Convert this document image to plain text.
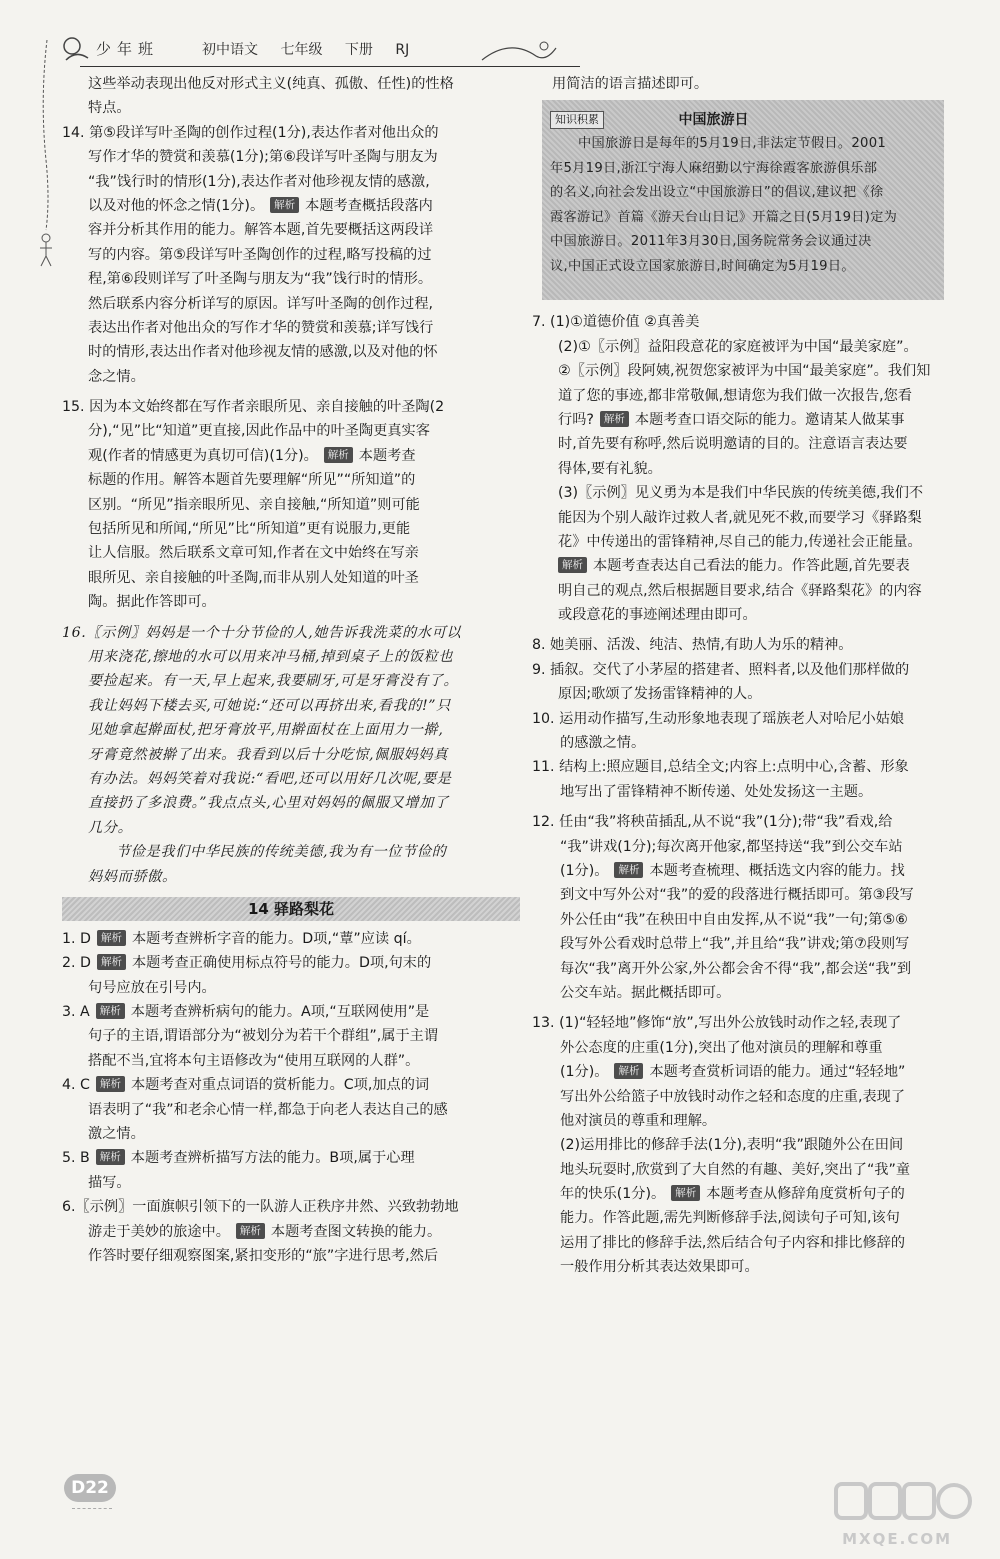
少年班	初中语文 七年级 下册 RJ
这些举动表现出他反对形式主义(纯真、孤傲、任性)的性格
特点。
14. 第⑤段详写叶圣陶的创作过程(1分),表达作者对他出众的
写作才华的赞赏和羡慕(1分);第⑥段详写叶圣陶与朋友为
“我”饯行时的情形(1分),表达作者对他珍视友情的感激,
以及对他的怀念之情(1分)。 解析 本题考查概括段落内
容并分析其作用的能力。解答本题,首先要概括这两段详
写的内容。第⑤段详写叶圣陶创作的过程,略写投稿的过
程,第⑥段则详写了叶圣陶与朋友为“我”饯行时的情形。
然后联系内容分析详写的原因。详写叶圣陶的创作过程,
表达出作者对他出众的写作才华的赞赏和羡慕;详写饯行
时的情形,表达出作者对他珍视友情的感激,以及对他的怀
念之情。
15. 因为本文始终都在写作者亲眼所见、亲自接触的叶圣陶(2
分),“见”比“知道”更直接,因此作品中的叶圣陶更真实客
观(作者的情感更为真切可信)(1分)。 解析 本题考查
标题的作用。解答本题首先要理解“所见”“所知道”的
区别。“所见”指亲眼所见、亲自接触,“所知道”则可能
包括所见和所闻,“所见”比“所知道”更有说服力,更能
让人信服。然后联系文章可知,作者在文中始终在写亲
眼所见、亲自接触的叶圣陶,而非从别人处知道的叶圣
陶。据此作答即可。
16.〖示例〗妈妈是一个十分节俭的人,她告诉我洗菜的水可以
用来浇花,擦地的水可以用来冲马桶,掉到桌子上的饭粒也
要捡起来。有一天,早上起来,我要刷牙,可是牙膏没有了。
我让妈妈下楼去买,可她说:“还可以再挤出来,看我的!”只
见她拿起擀面杖,把牙膏放平,用擀面杖在上面用力一擀,
牙膏竟然被擀了出来。我看到以后十分吃惊,佩服妈妈真
有办法。妈妈笑着对我说:“看吧,还可以用好几次呢,要是
直接扔了多浪费。”我点点头,心里对妈妈的佩服又增加了
几分。
节俭是我们中华民族的传统美德,我为有一位节俭的
妈妈而骄傲。
14 驿路梨花
1. D 解析 本题考查辨析字音的能力。D项,“蕈”应读 qí。
2. D 解析 本题考查正确使用标点符号的能力。D项,句末的
句号应放在引号内。
3. A 解析 本题考查辨析病句的能力。A项,“互联网使用”是
句子的主语,谓语部分为“被划分为若干个群组”,属于主谓
搭配不当,宜将本句主语修改为“使用互联网的人群”。
4. C 解析 本题考查对重点词语的赏析能力。C项,加点的词
语表明了“我”和老余心情一样,都急于向老人表达自己的感
激之情。
5. B 解析 本题考查辨析描写方法的能力。B项,属于心理
描写。
6.〖示例〗一面旗帜引领下的一队游人正秩序井然、兴致勃勃地
游走于美妙的旅途中。 解析 本题考查图文转换的能力。
作答时要仔细观察图案,紧扣变形的“旅”字进行思考,然后
用简洁的语言描述即可。
知识积累	中国旅游日
中国旅游日是每年的5月19日,非法定节假日。2001
年5月19日,浙江宁海人麻绍勤以宁海徐霞客旅游俱乐部
的名义,向社会发出设立“中国旅游日”的倡议,建议把《徐
霞客游记》首篇《游天台山日记》开篇之日(5月19日)定为
中国旅游日。2011年3月30日,国务院常务会议通过决
议,中国正式设立国家旅游日,时间确定为5月19日。
7. (1)①道德价值 ②真善美
(2)①〖示例〗益阳段意花的家庭被评为中国“最美家庭”。
②〖示例〗段阿姨,祝贺您家被评为中国“最美家庭”。我们知
道了您的事迹,都非常敬佩,想请您为我们做一次报告,您看
行吗? 解析 本题考查口语交际的能力。邀请某人做某事
时,首先要有称呼,然后说明邀请的目的。注意语言表达要
得体,要有礼貌。
(3)〖示例〗见义勇为本是我们中华民族的传统美德,我们不
能因为个别人敲诈过救人者,就见死不救,而要学习《驿路梨
花》中传递出的雷锋精神,尽自己的能力,传递社会正能量。
解析 本题考查表达自己看法的能力。作答此题,首先要表
明自己的观点,然后根据题目要求,结合《驿路梨花》的内容
或段意花的事迹阐述理由即可。
8. 她美丽、活泼、纯洁、热情,有助人为乐的精神。
9. 插叙。交代了小茅屋的搭建者、照料者,以及他们那样做的
原因;歌颂了发扬雷锋精神的人。
10. 运用动作描写,生动形象地表现了瑶族老人对哈尼小姑娘
的感激之情。
11. 结构上:照应题目,总结全文;内容上:点明中心,含蓄、形象
地写出了雷锋精神不断传递、处处发扬这一主题。
12. 任由“我”将秧苗插乱,从不说“我”(1分);带“我”看戏,给
“我”讲戏(1分);每次离开他家,都坚持送“我”到公交车站
(1分)。 解析 本题考查梳理、概括选文内容的能力。找
到文中写外公对“我”的爱的段落进行概括即可。第③段写
外公任由“我”在秧田中自由发挥,从不说“我”一句;第⑤⑥
段写外公看戏时总带上“我”,并且给“我”讲戏;第⑦段则写
每次“我”离开外公家,外公都会舍不得“我”,都会送“我”到
公交车站。据此概括即可。
13. (1)“轻轻地”修饰“放”,写出外公放钱时动作之轻,表现了
外公态度的庄重(1分),突出了他对演员的理解和尊重
(1分)。 解析 本题考查赏析词语的能力。通过“轻轻地”
写出外公给篮子中放钱时动作之轻和态度的庄重,表现了
他对演员的尊重和理解。
(2)运用排比的修辞手法(1分),表明“我”跟随外公在田间
地头玩耍时,欣赏到了大自然的有趣、美好,突出了“我”童
年的快乐(1分)。 解析 本题考查从修辞角度赏析句子的
能力。作答此题,需先判断修辞手法,阅读句子可知,该句
运用了排比的修辞手法,然后结合句子内容和排比修辞的
一般作用分析其表达效果即可。
D22
MXQE.COM
